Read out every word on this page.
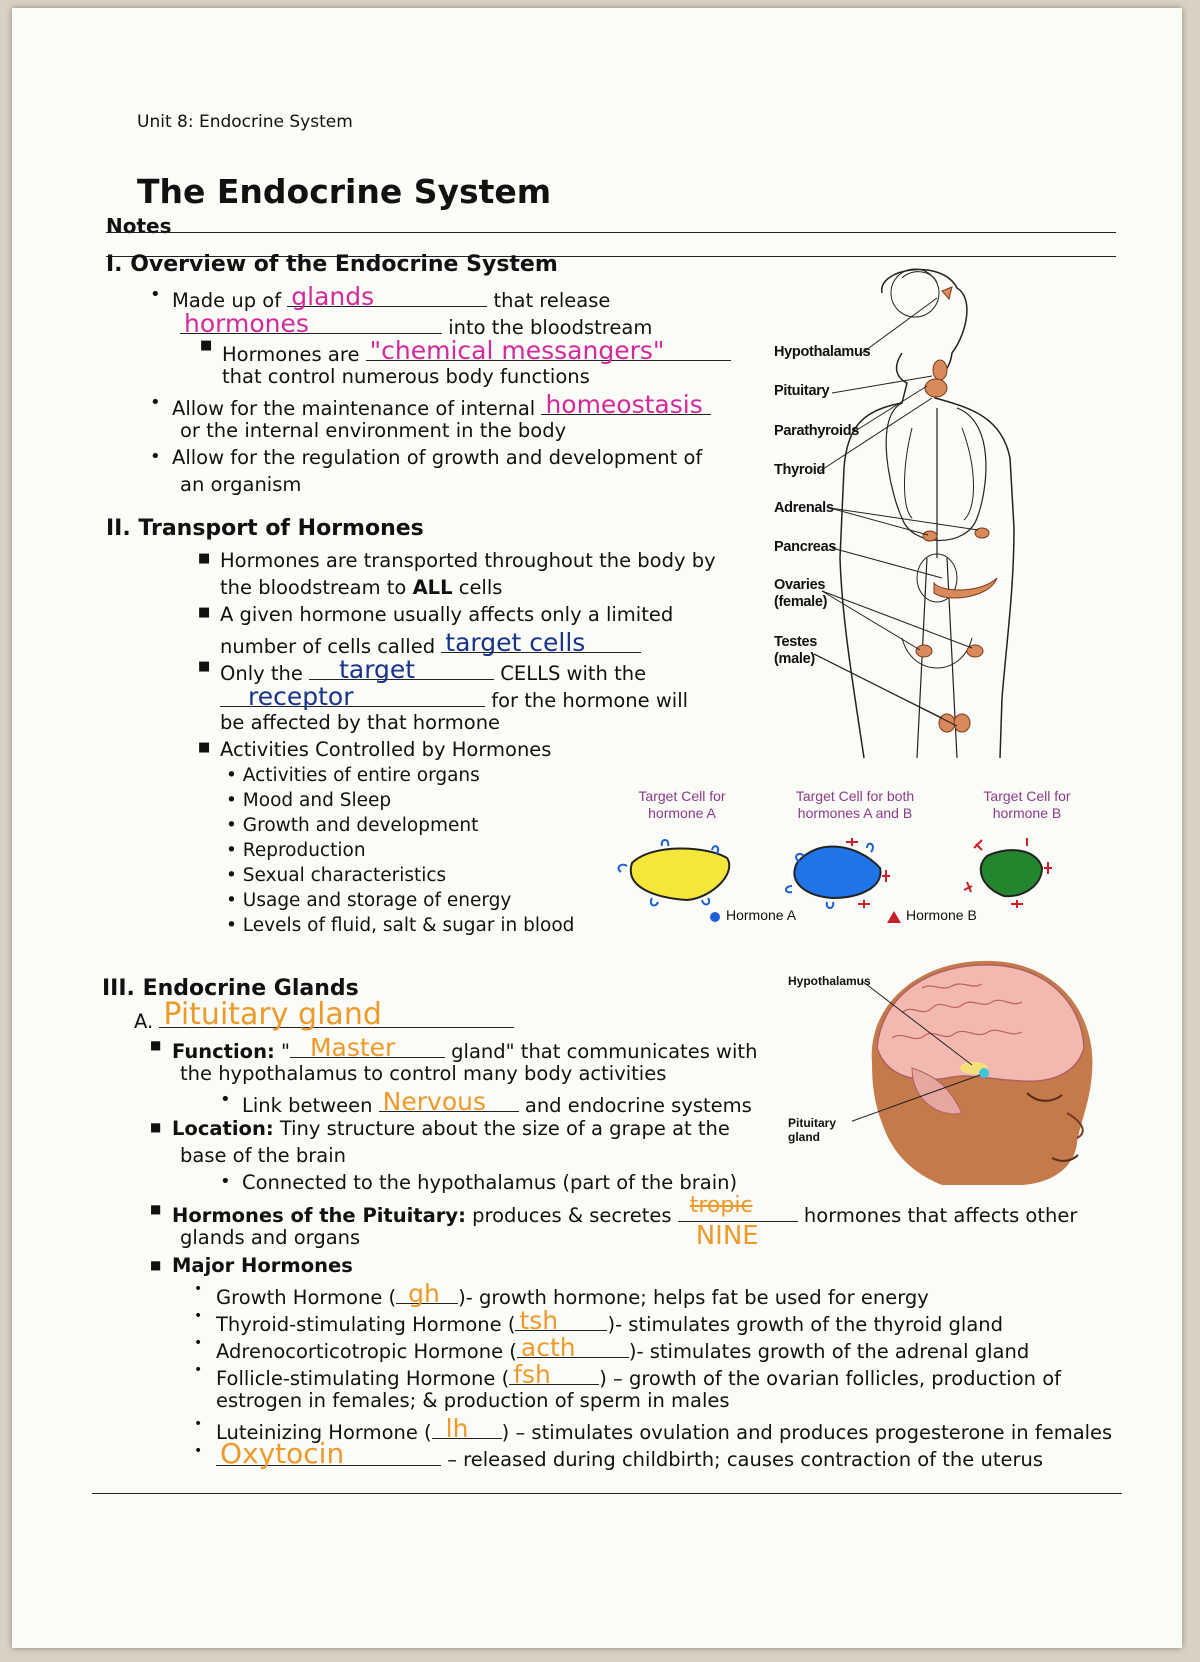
Unit 8: Endocrine System
The Endocrine System
Notes
I. Overview of the Endocrine System
• Made up of glands	that release
hormones	into the bloodstream
■ Hormones are "chemical messangers"
that control numerous body functions
• Allow for the maintenance of internal homeostasis
or the internal environment in the body
• Allow for the regulation of growth and development of
an organism
II. Transport of Hormones
■ Hormones are transported throughout the body by
the bloodstream to ALL cells
■ A given hormone usually affects only a limited
number of cells called target cells
■ Only the target	CELLS with the
receptor	for the hormone will
be affected by that hormone
■ Activities Controlled by Hormones
• Activities of entire organs
• Mood and Sleep
• Growth and development
• Reproduction
• Sexual characteristics
• Usage and storage of energy
• Levels of fluid, salt & sugar in blood
Hypothalamus
Pituitary
Parathyroids
Thyroid
Adrenals
Pancreas
Ovaries
(female)
Testes
(male)
Target Cell for hormone A
Target Cell for both hormones A and B
Target Cell for hormone B
Hormone A	Hormone B
III. Endocrine Glands
A. Pituitary gland
■ Function: " Master	gland" that communicates with
the hypothalamus to control many body activities
• Link between Nervous and endocrine systems
■ Location: Tiny structure about the size of a grape at the
base of the brain
• Connected to the hypothalamus (part of the brain)
■ Hormones of the Pituitary: produces & secretes tropic
NINE
hormones that affects other
glands and organs
■ Major Hormones
• Growth Hormone ( gh )- growth hormone; helps fat be used for energy
• Thyroid-stimulating Hormone ( tsh	)- stimulates growth of the thyroid gland
• Adrenocorticotropic Hormone ( acth	)- stimulates growth of the adrenal gland
• Follicle-stimulating Hormone ( fsh ) – growth of the ovarian follicles, production of
estrogen in females; & production of sperm in males
• Luteinizing Hormone ( lh ) – stimulates ovulation and produces progesterone in females
• Oxytocin	– released during childbirth; causes contraction of the uterus
Hypothalamus
Pituitary gland
